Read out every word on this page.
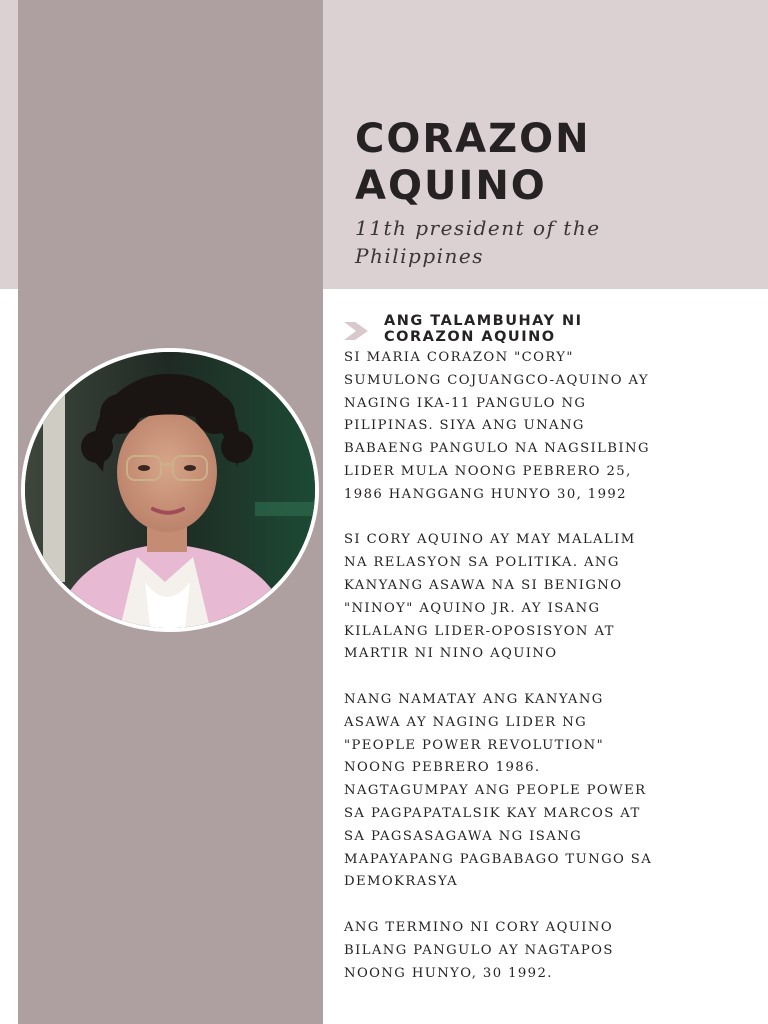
CORAZON
AQUINO

11th president of the
Philippines

ANG TALAMBUHAY NI
CORAZON AQUINO

SI MARIA CORAZON "CORY"
SUMULONG COJUANGCO-AQUINO AY
NAGING IKA-11 PANGULO NG
PILIPINAS. SIYA ANG UNANG
BABAENG PANGULO NA NAGSILBING
LIDER MULA NOONG PEBRERO 25,
1986 HANGGANG HUNYO 30, 1992

SI CORY AQUINO AY MAY MALALIM
NA RELASYON SA POLITIKA. ANG
KANYANG ASAWA NA SI BENIGNO
"NINOY" AQUINO JR. AY ISANG
KILALANG LIDER-OPOSISYON AT
MARTIR NI NINO AQUINO

NANG NAMATAY ANG KANYANG
ASAWA AY NAGING LIDER NG
"PEOPLE POWER REVOLUTION"
NOONG PEBRERO 1986.
NAGTAGUMPAY ANG PEOPLE POWER
SA PAGPAPATALSIK KAY MARCOS AT
SA PAGSASAGAWA NG ISANG
MAPAYAPANG PAGBABAGO TUNGO SA
DEMOKRASYA

ANG TERMINO NI CORY AQUINO
BILANG PANGULO AY NAGTAPOS
NOONG HUNYO, 30 1992.
